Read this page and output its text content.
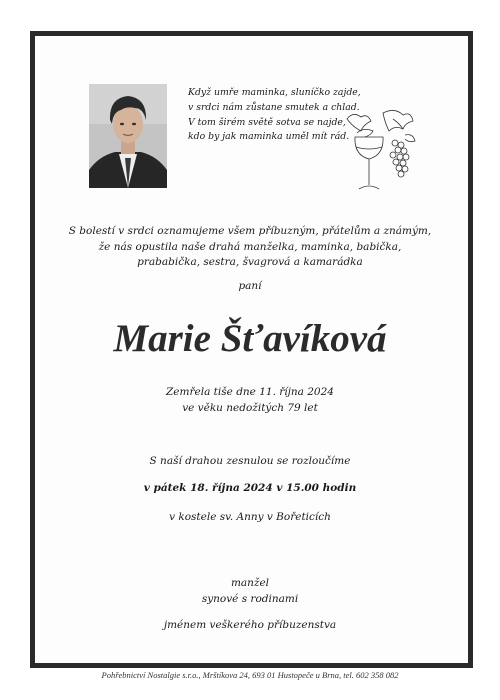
Když umře maminka, sluníčko zajde,
v srdci nám zůstane smutek a chlad.
V tom širém světě sotva se najde,
kdo by jak maminka uměl mít rád.
S bolestí v srdci oznamujeme všem příbuzným, přátelům a známým,
že nás opustila naše drahá manželka, maminka, babička,
prababička, sestra, švagrová a kamarádka
paní
Marie Šťavíková
Zemřela tiše dne 11. října 2024
ve věku nedožitých 79 let
S naší drahou zesnulou se rozloučíme
v pátek 18. října 2024 v 15.00 hodin
v kostele sv. Anny v Bořeticích
manžel
synové s rodinami
jménem veškerého příbuzenstva
Pohřebnictví Nostalgie s.r.o., Mrštíkova 24, 693 01 Hustopeče u Brna, tel. 602 358 082
